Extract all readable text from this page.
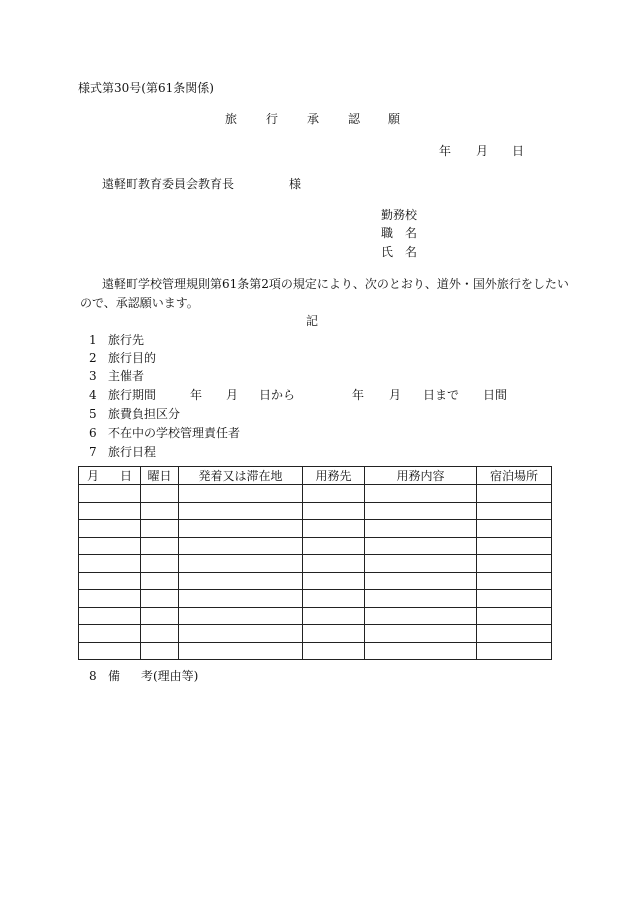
様式第30号(第61条関係)
旅 行 承 認 願
年 月 日
遠軽町教育委員会教育長	様
勤務校
職　名
氏　名
遠軽町学校管理規則第61条第2項の規定により、次のとおり、道外・国外旅行をしたい
ので、承認願います。
記
1 旅行先
2 旅行目的
3 主催者
4 旅行期間
5 旅費負担区分
6 不在中の学校管理責任者
7 旅行日程
年 月 日から	年 月 日まで 日間
月 日	曜日	発着又は滞在地	用務先	用務内容	宿泊場所

8 備 考(理由等)
